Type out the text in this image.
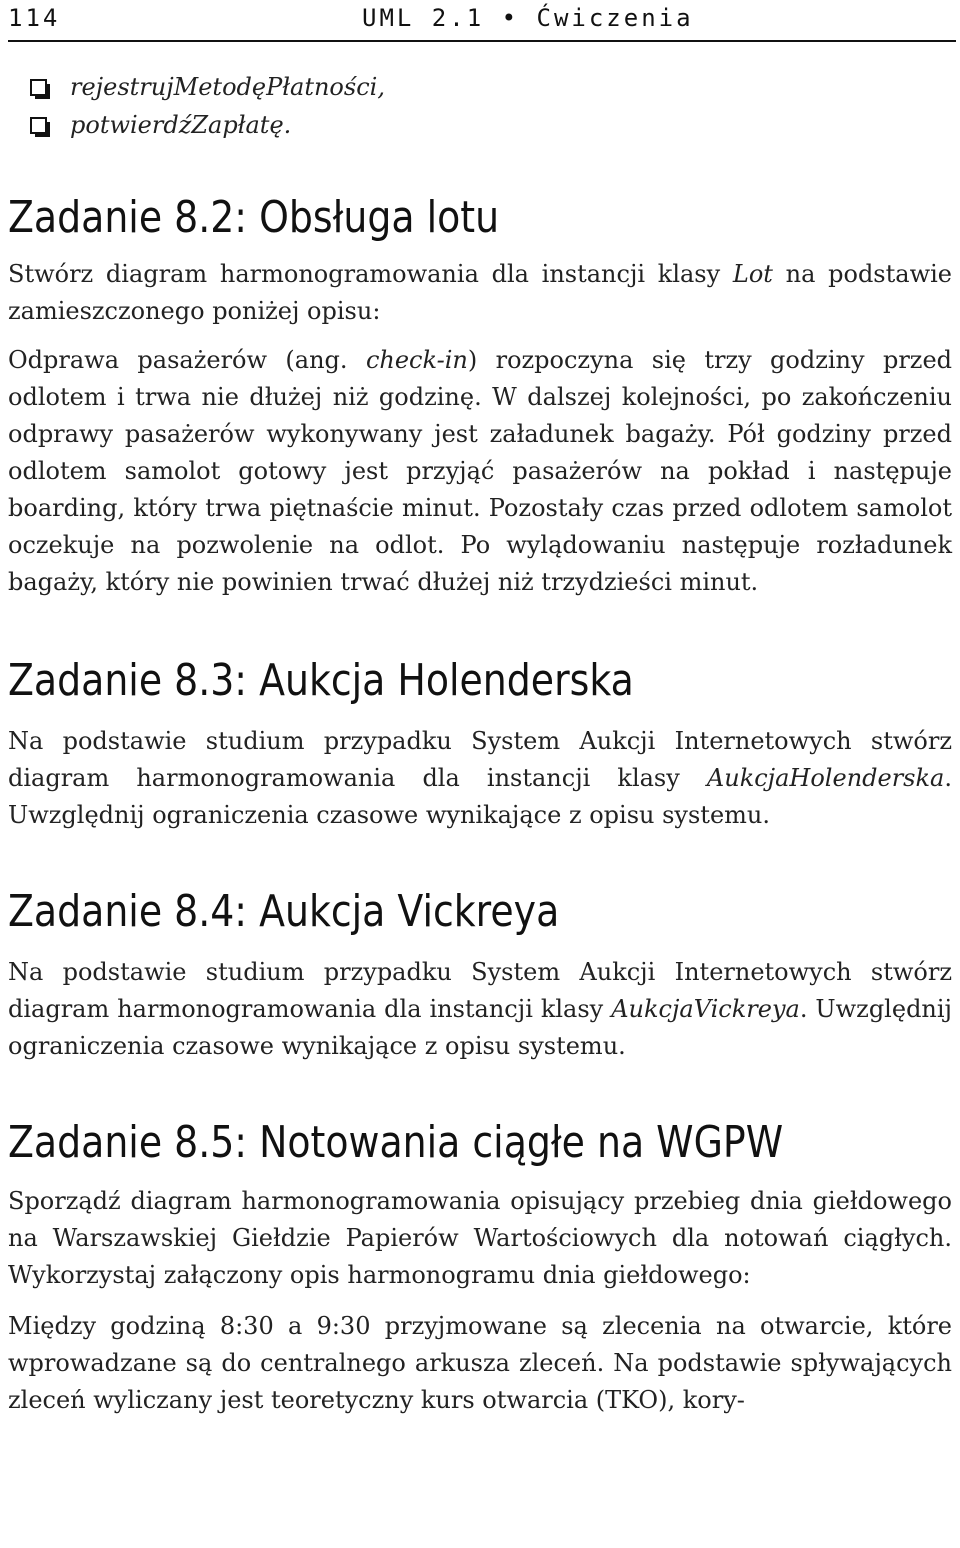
114	UML 2.1 • Ćwiczenia
rejestrujMetodęPłatności,
potwierdźZapłatę.
Zadanie 8.2: Obsługa lotu

Stwórz diagram harmonogramowania dla instancji klasy Lot na podstawie zamieszczonego poniżej opisu:

Odprawa pasażerów (ang. check-in) rozpoczyna się trzy godziny przed odlotem i trwa nie dłużej niż godzinę. W dalszej kolejności, po zakończeniu odprawy pasażerów wykonywany jest załadunek bagaży. Pół godziny przed odlotem samolot gotowy jest przyjąć pasażerów na pokład i następuje boarding, który trwa piętnaście minut. Pozostały czas przed odlotem samolot oczekuje na pozwolenie na odlot. Po wylądowaniu następuje rozładunek bagaży, który nie powinien trwać dłużej niż trzydzieści minut.

Zadanie 8.3: Aukcja Holenderska

Na podstawie studium przypadku System Aukcji Internetowych stwórz diagram harmonogramowania dla instancji klasy AukcjaHolenderska. Uwzględnij ograniczenia czasowe wynikające z opisu systemu.

Zadanie 8.4: Aukcja Vickreya

Na podstawie studium przypadku System Aukcji Internetowych stwórz diagram harmonogramowania dla instancji klasy AukcjaVickreya. Uwzględnij ograniczenia czasowe wynikające z opisu systemu.

Zadanie 8.5: Notowania ciągłe na WGPW

Sporządź diagram harmonogramowania opisujący przebieg dnia giełdowego na Warszawskiej Giełdzie Papierów Wartościowych dla notowań ciągłych. Wykorzystaj załączony opis harmonogramu dnia giełdowego:

Między godziną 8:30 a 9:30 przyjmowane są zlecenia na otwarcie, które wprowadzane są do centralnego arkusza zleceń. Na podstawie spływających zleceń wyliczany jest teoretyczny kurs otwarcia (TKO), kory-
